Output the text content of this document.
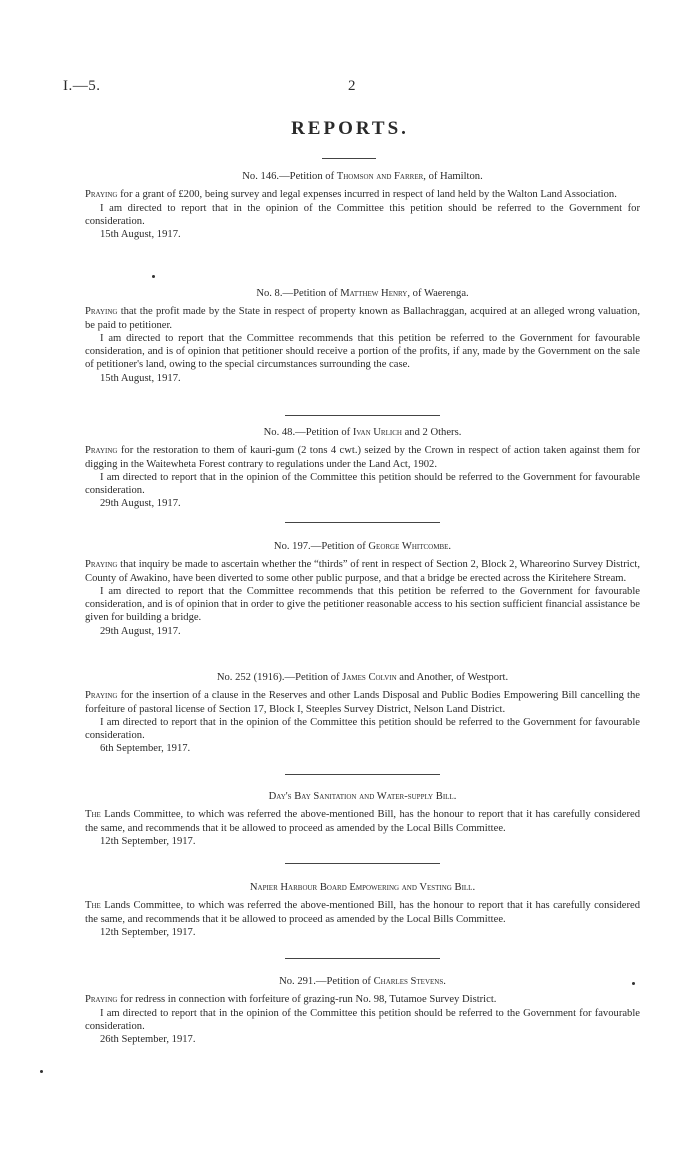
I.—5.	2
REPORTS.
No. 146.—Petition of Thomson and Farrer, of Hamilton.
Praying for a grant of £200, being survey and legal expenses incurred in respect of land held by the Walton Land Association.
I am directed to report that in the opinion of the Committee this petition should be referred to the Government for consideration.
15th August, 1917.
No. 8.—Petition of Matthew Henry, of Waerenga.
Praying that the profit made by the State in respect of property known as Ballachraggan, acquired at an alleged wrong valuation, be paid to petitioner.
I am directed to report that the Committee recommends that this petition be referred to the Government for favourable consideration, and is of opinion that petitioner should receive a portion of the profits, if any, made by the Government on the sale of petitioner's land, owing to the special circumstances surrounding the case.
15th August, 1917.
No. 48.—Petition of Ivan Urlich and 2 Others.
Praying for the restoration to them of kauri-gum (2 tons 4 cwt.) seized by the Crown in respect of action taken against them for digging in the Waitewheta Forest contrary to regulations under the Land Act, 1902.
I am directed to report that in the opinion of the Committee this petition should be referred to the Government for favourable consideration.
29th August, 1917.
No. 197.—Petition of George Whitcombe.
Praying that inquiry be made to ascertain whether the “thirds” of rent in respect of Section 2, Block 2, Whareorino Survey District, County of Awakino, have been diverted to some other public purpose, and that a bridge be erected across the Kiritehere Stream.
I am directed to report that the Committee recommends that this petition be referred to the Government for favourable consideration, and is of opinion that in order to give the petitioner reasonable access to his section sufficient financial assistance be given for building a bridge.
29th August, 1917.
No. 252 (1916).—Petition of James Colvin and Another, of Westport.
Praying for the insertion of a clause in the Reserves and other Lands Disposal and Public Bodies Empowering Bill cancelling the forfeiture of pastoral license of Section 17, Block I, Steeples Survey District, Nelson Land District.
I am directed to report that in the opinion of the Committee this petition should be referred to the Government for favourable consideration.
6th September, 1917.
Day's Bay Sanitation and Water-supply Bill.
The Lands Committee, to which was referred the above-mentioned Bill, has the honour to report that it has carefully considered the same, and recommends that it be allowed to proceed as amended by the Local Bills Committee.
12th September, 1917.
Napier Harbour Board Empowering and Vesting Bill.
The Lands Committee, to which was referred the above-mentioned Bill, has the honour to report that it has carefully considered the same, and recommends that it be allowed to proceed as amended by the Local Bills Committee.
12th September, 1917.
No. 291.—Petition of Charles Stevens.
Praying for redress in connection with forfeiture of grazing-run No. 98, Tutamoe Survey District.
I am directed to report that in the opinion of the Committee this petition should be referred to the Government for favourable consideration.
26th September, 1917.
